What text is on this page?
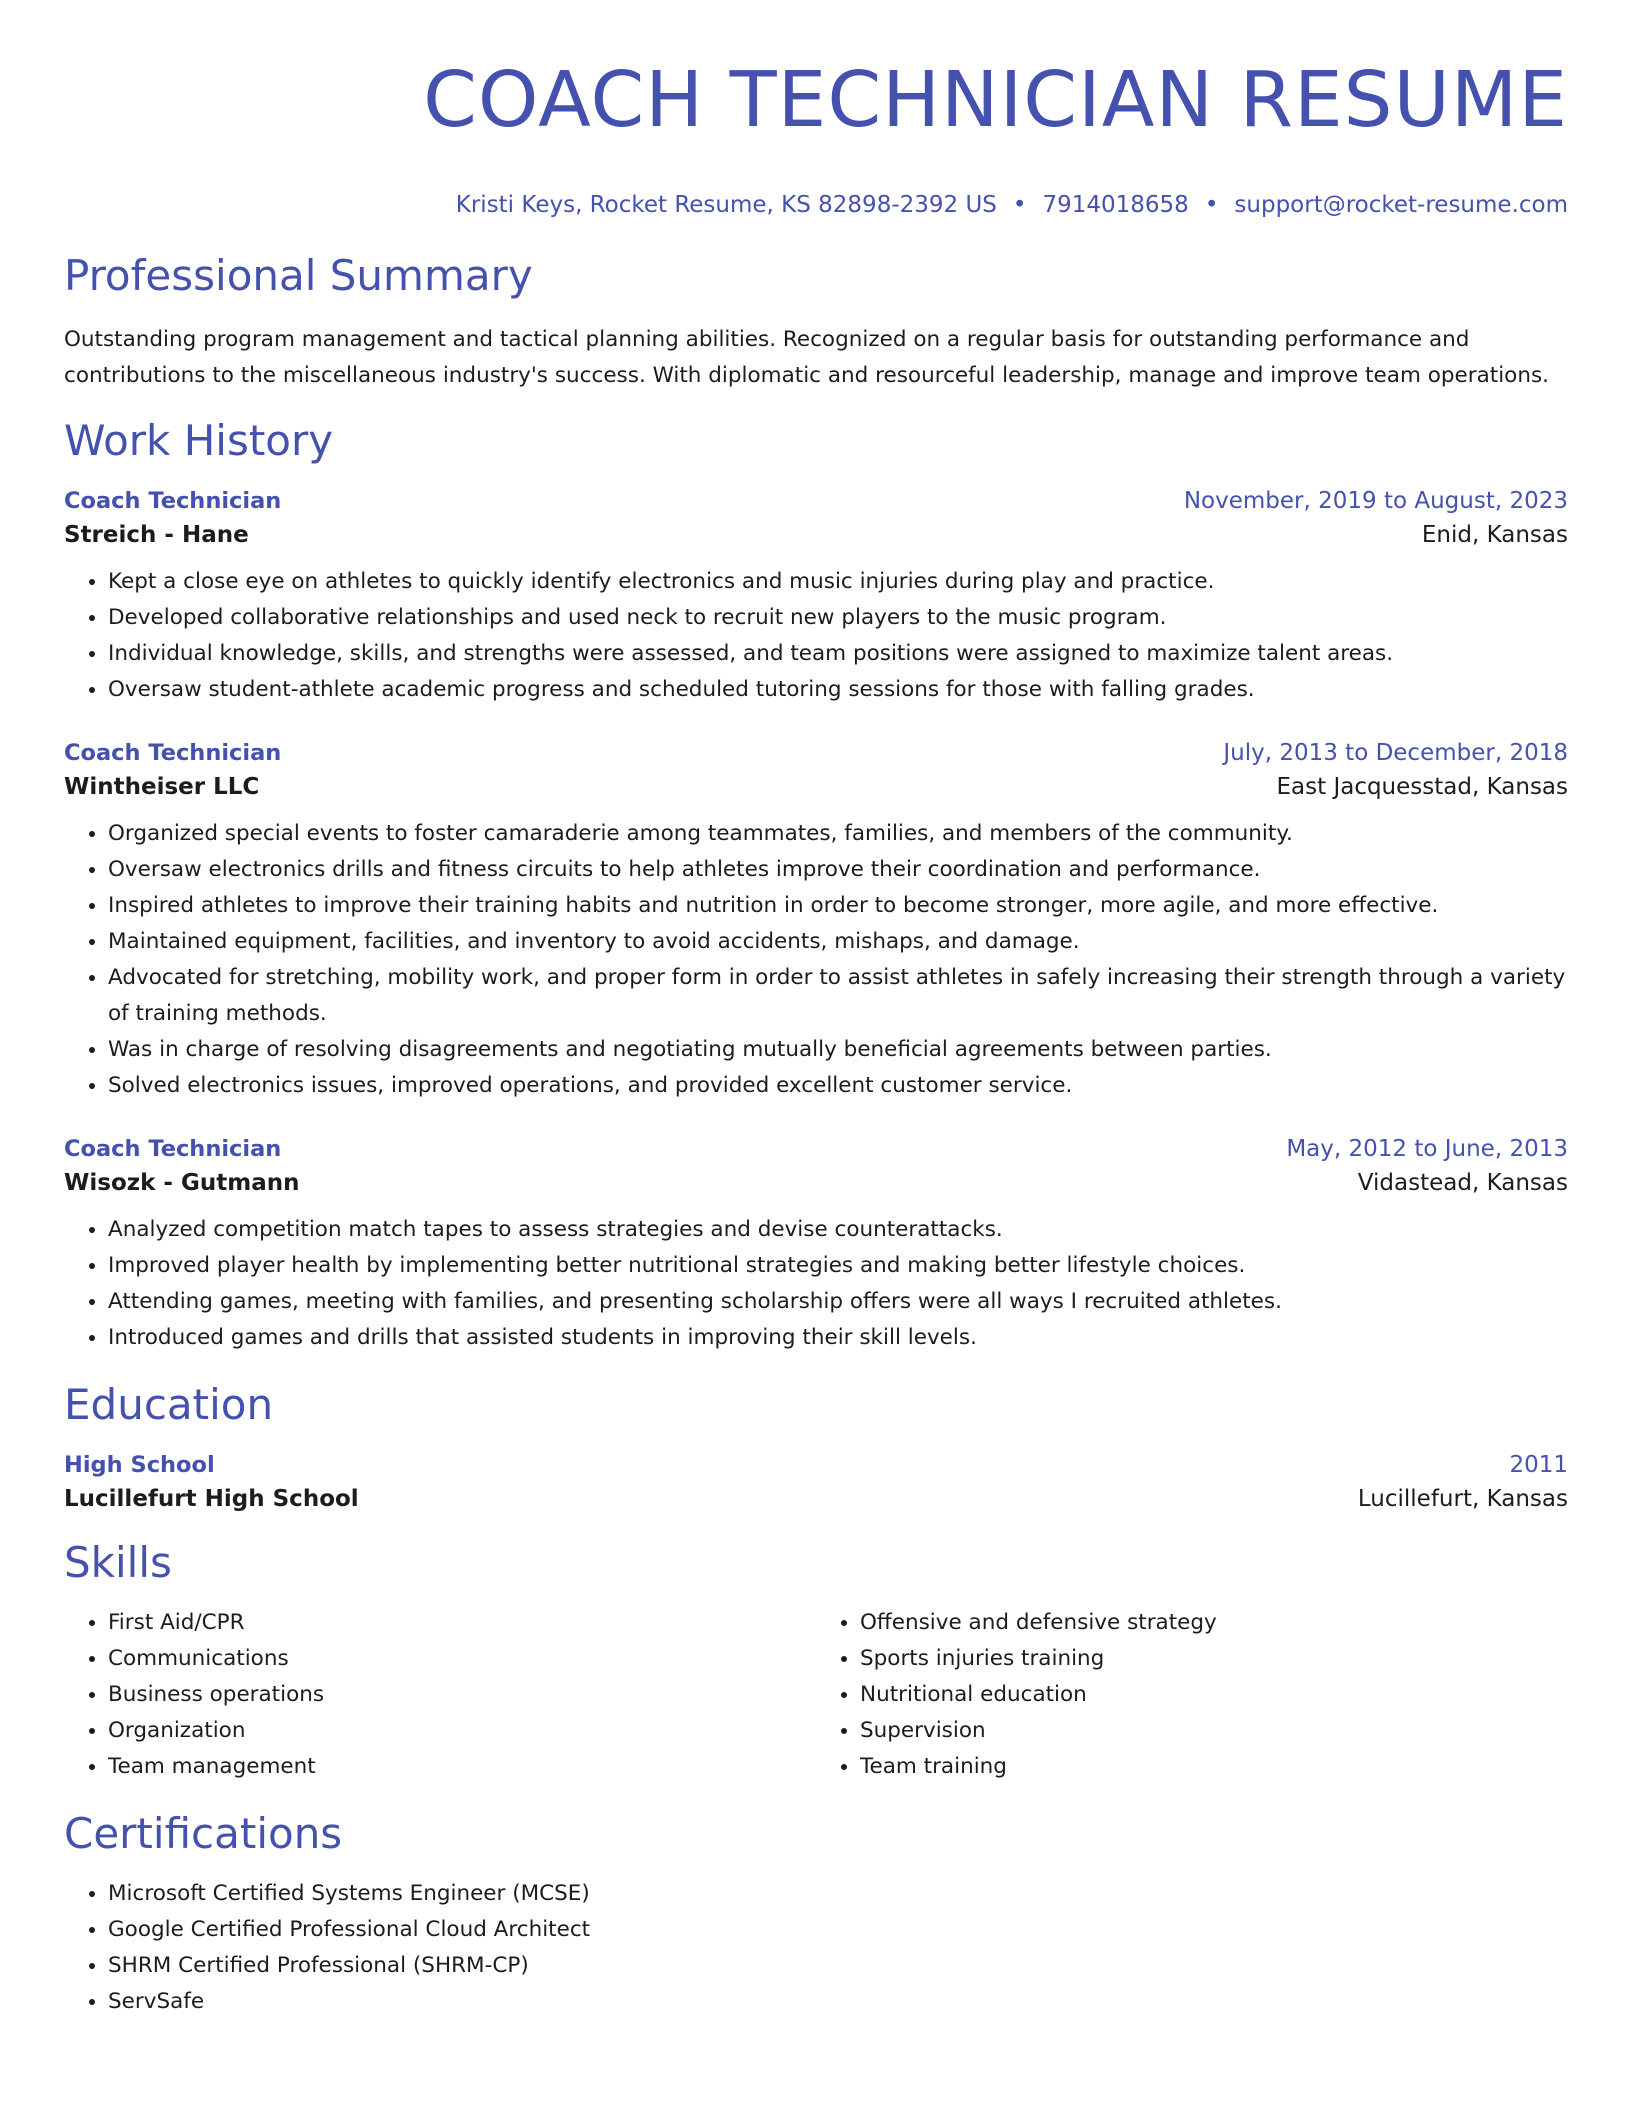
COACH TECHNICIAN RESUME
Kristi Keys, Rocket Resume, KS 82898-2392 US • 7914018658 • support@rocket-resume.com
Professional Summary
Outstanding program management and tactical planning abilities. Recognized on a regular basis for outstanding performance and contributions to the miscellaneous industry's success. With diplomatic and resourceful leadership, manage and improve team operations.
Work History
Coach Technician	November, 2019 to August, 2023
Streich - Hane	Enid, Kansas
• Kept a close eye on athletes to quickly identify electronics and music injuries during play and practice.
• Developed collaborative relationships and used neck to recruit new players to the music program.
• Individual knowledge, skills, and strengths were assessed, and team positions were assigned to maximize talent areas.
• Oversaw student-athlete academic progress and scheduled tutoring sessions for those with falling grades.
Coach Technician	July, 2013 to December, 2018
Wintheiser LLC	East Jacquesstad, Kansas
• Organized special events to foster camaraderie among teammates, families, and members of the community.
• Oversaw electronics drills and fitness circuits to help athletes improve their coordination and performance.
• Inspired athletes to improve their training habits and nutrition in order to become stronger, more agile, and more effective.
• Maintained equipment, facilities, and inventory to avoid accidents, mishaps, and damage.
• Advocated for stretching, mobility work, and proper form in order to assist athletes in safely increasing their strength through a variety of training methods.
• Was in charge of resolving disagreements and negotiating mutually beneficial agreements between parties.
• Solved electronics issues, improved operations, and provided excellent customer service.
Coach Technician	May, 2012 to June, 2013
Wisozk - Gutmann	Vidastead, Kansas
• Analyzed competition match tapes to assess strategies and devise counterattacks.
• Improved player health by implementing better nutritional strategies and making better lifestyle choices.
• Attending games, meeting with families, and presenting scholarship offers were all ways I recruited athletes.
• Introduced games and drills that assisted students in improving their skill levels.
Education
High School	2011
Lucillefurt High School	Lucillefurt, Kansas
Skills
• First Aid/CPR
• Communications
• Business operations
• Organization
• Team management
• Offensive and defensive strategy
• Sports injuries training
• Nutritional education
• Supervision
• Team training
Certifications
• Microsoft Certified Systems Engineer (MCSE)
• Google Certified Professional Cloud Architect
• SHRM Certified Professional (SHRM-CP)
• ServSafe
